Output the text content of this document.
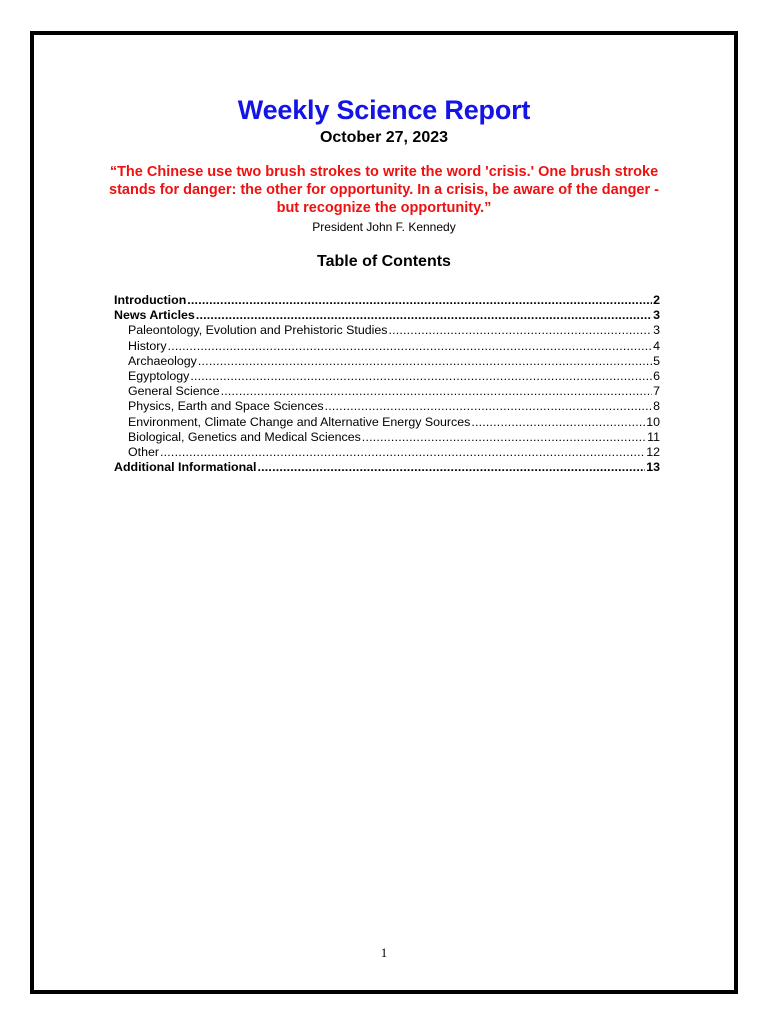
Weekly Science Report
October 27, 2023
“The Chinese use two brush strokes to write the word 'crisis.' One brush stroke stands for danger: the other for opportunity. In a crisis, be aware of the danger - but recognize the opportunity.”
President John F. Kennedy
Table of Contents
Introduction .....	2
News Articles .....	3
Paleontology, Evolution and Prehistoric Studies .....	3
History .....	4
Archaeology .....	5
Egyptology .....	6
General Science .....	7
Physics, Earth and Space Sciences .....	8
Environment, Climate Change and Alternative Energy Sources .....	10
Biological, Genetics and Medical Sciences .....	11
Other .....	12
Additional Informational .....	13
1
